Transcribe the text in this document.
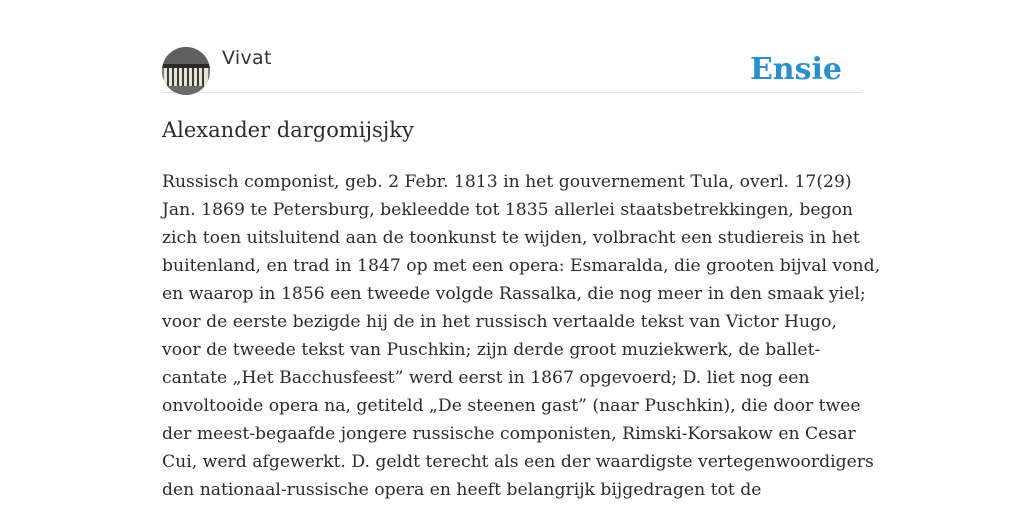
Vivat	Ensie
Alexander dargomijsjky
Russisch componist, geb. 2 Febr. 1813 in het gouvernement Tula, overl. 17(29)
Jan. 1869 te Petersburg, bekleedde tot 1835 allerlei staatsbetrekkingen, begon
zich toen uitsluitend aan de toonkunst te wijden, volbracht een studiereis in het
buitenland, en trad in 1847 op met een opera: Esmaralda, die grooten bijval vond,
en waarop in 1856 een tweede volgde Rassalka, die nog meer in den smaak yiel;
voor de eerste bezigde hij de in het russisch vertaalde tekst van Victor Hugo,
voor de tweede tekst van Puschkin; zijn derde groot muziekwerk, de ballet-
cantate „Het Bacchusfeest” werd eerst in 1867 opgevoerd; D. liet nog een
onvoltooide opera na, getiteld „De steenen gast” (naar Puschkin), die door twee
der meest-begaafde jongere russische componisten, Rimski-Korsakow en Cesar
Cui, werd afgewerkt. D. geldt terecht als een der waardigste vertegenwoordigers
den nationaal-russische opera en heeft belangrijk bijgedragen tot de
